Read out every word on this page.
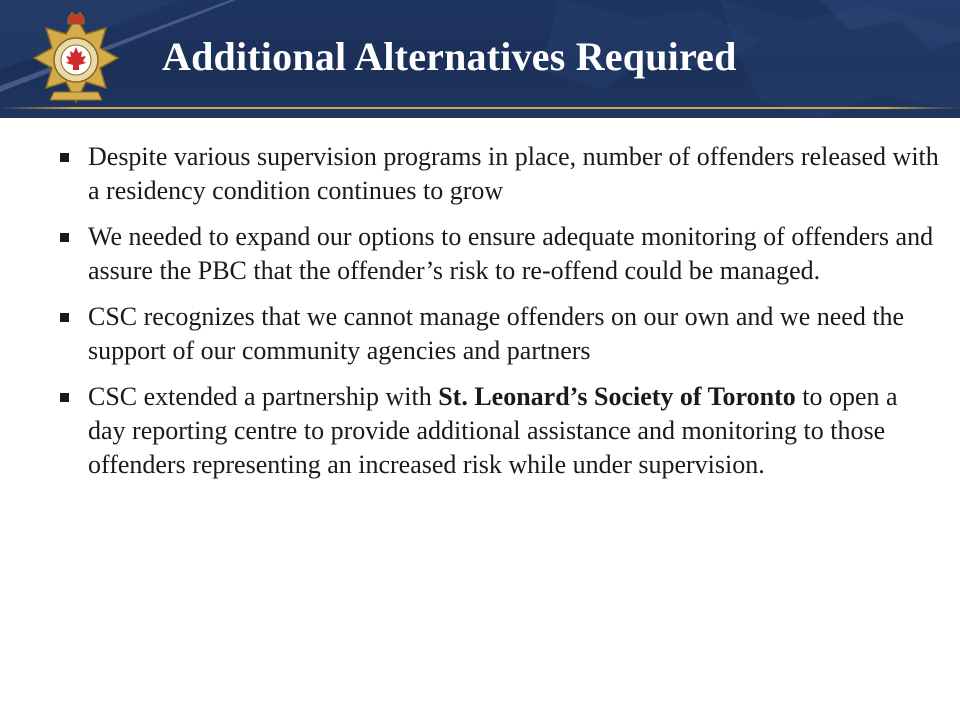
Additional Alternatives Required
Despite various supervision programs in place, number of offenders released with a residency condition continues to grow
We needed to expand our options to ensure adequate monitoring of offenders and assure the PBC that the offender’s risk to re-offend could be managed.
CSC recognizes that we cannot manage offenders on our own and we need the support of our community agencies and partners
CSC extended a partnership with St. Leonard’s Society of Toronto to open a day reporting centre to provide additional assistance and monitoring to those offenders representing an increased risk while under supervision.
